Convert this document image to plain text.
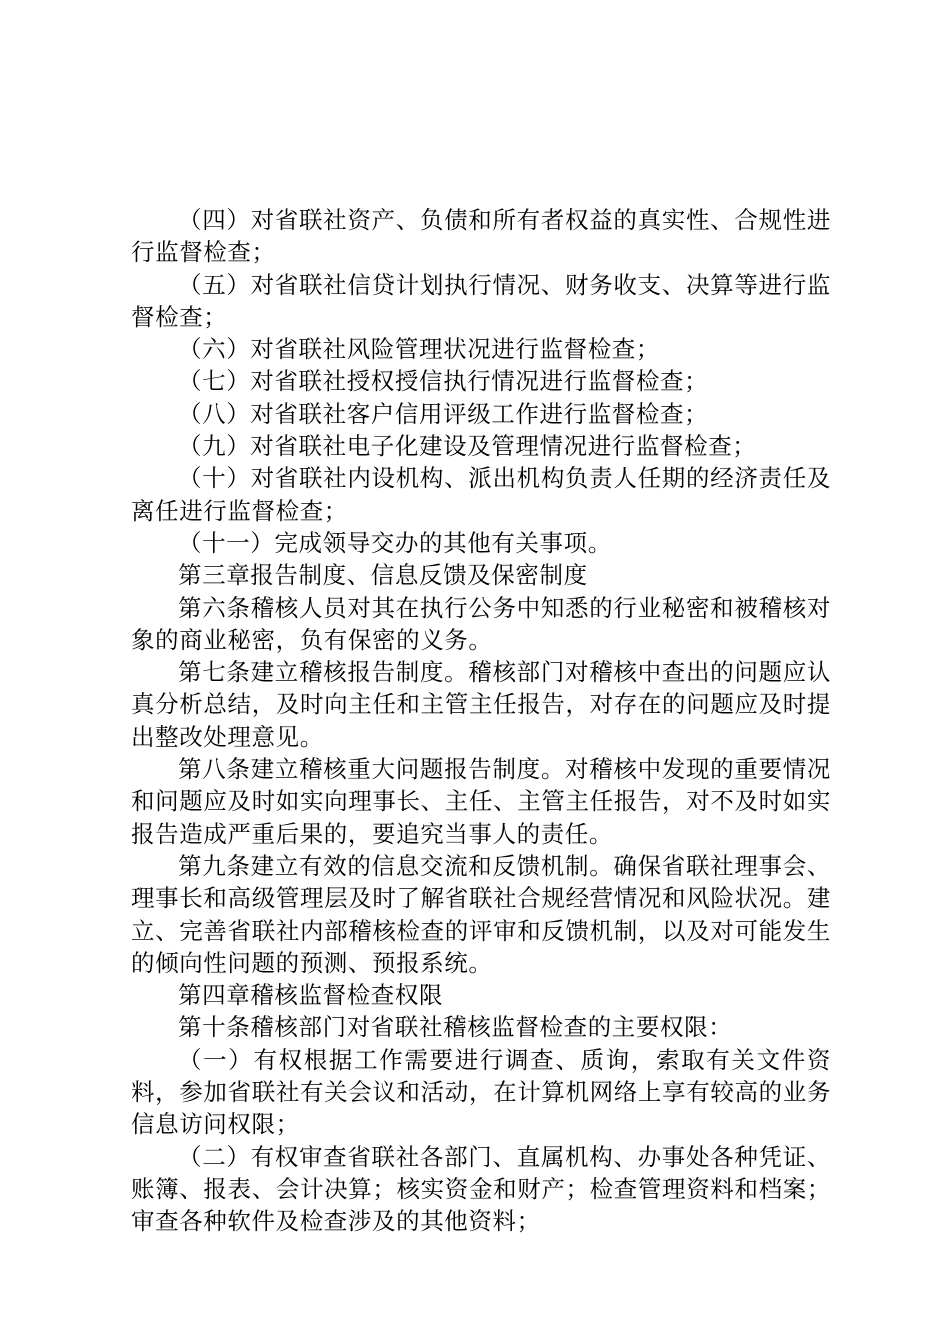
（四）对省联社资产、负债和所有者权益的真实性、合规性进行监督检查；

（五）对省联社信贷计划执行情况、财务收支、决算等进行监督检查；

（六）对省联社风险管理状况进行监督检查；

（七）对省联社授权授信执行情况进行监督检查；

（八）对省联社客户信用评级工作进行监督检查；

（九）对省联社电子化建设及管理情况进行监督检查；

（十）对省联社内设机构、派出机构负责人任期的经济责任及离任进行监督检查；

（十一）完成领导交办的其他有关事项。

第三章报告制度、信息反馈及保密制度

第六条稽核人员对其在执行公务中知悉的行业秘密和被稽核对象的商业秘密，负有保密的义务。

第七条建立稽核报告制度。稽核部门对稽核中查出的问题应认真分析总结，及时向主任和主管主任报告，对存在的问题应及时提出整改处理意见。

第八条建立稽核重大问题报告制度。对稽核中发现的重要情况和问题应及时如实向理事长、主任、主管主任报告，对不及时如实报告造成严重后果的，要追究当事人的责任。

第九条建立有效的信息交流和反馈机制。确保省联社理事会、理事长和高级管理层及时了解省联社合规经营情况和风险状况。建立、完善省联社内部稽核检查的评审和反馈机制，以及对可能发生的倾向性问题的预测、预报系统。

第四章稽核监督检查权限

第十条稽核部门对省联社稽核监督检查的主要权限：

（一）有权根据工作需要进行调查、质询，索取有关文件资料，参加省联社有关会议和活动，在计算机网络上享有较高的业务信息访问权限；

（二）有权审查省联社各部门、直属机构、办事处各种凭证、账簿、报表、会计决算；核实资金和财产；检查管理资料和档案；审查各种软件及检查涉及的其他资料；
